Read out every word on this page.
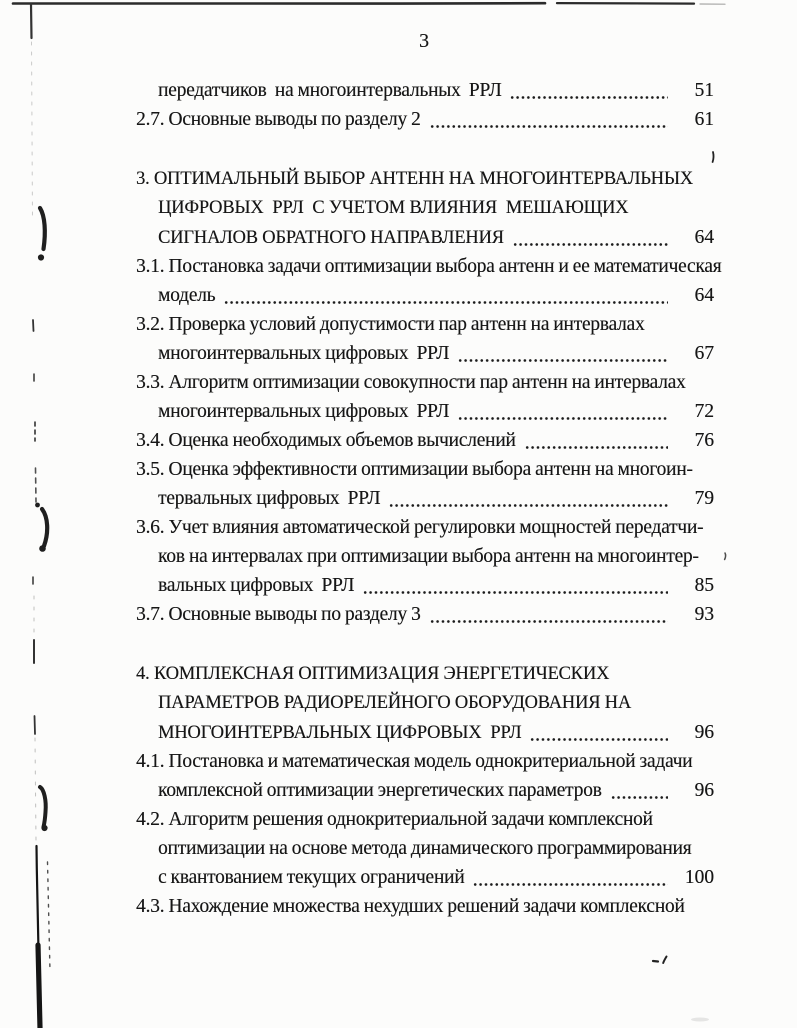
3
передатчиков  на многоинтервальных  РРЛ	51
2.7. Основные выводы по разделу 2	61
3. ОПТИМАЛЬНЫЙ ВЫБОР АНТЕНН НА МНОГОИНТЕРВАЛЬНЫХ
ЦИФРОВЫХ  РРЛ  С УЧЕТОМ ВЛИЯНИЯ  МЕШАЮЩИХ
СИГНАЛОВ ОБРАТНОГО НАПРАВЛЕНИЯ	64
3.1. Постановка задачи оптимизации выбора антенн и ее математическая
модель	64
3.2. Проверка условий допустимости пар антенн на интервалах
многоинтервальных цифровых  РРЛ	67
3.3. Алгоритм оптимизации совокупности пар антенн на интервалах
многоинтервальных цифровых  РРЛ	72
3.4. Оценка необходимых объемов вычислений	76
3.5. Оценка эффективности оптимизации выбора антенн на многоин-
тервальных цифровых  РРЛ	79
3.6. Учет влияния автоматической регулировки мощностей передатчи-
ков на интервалах при оптимизации выбора антенн на многоинтер-
вальных цифровых  РРЛ	85
3.7. Основные выводы по разделу 3	93
4. КОМПЛЕКСНАЯ ОПТИМИЗАЦИЯ ЭНЕРГЕТИЧЕСКИХ
ПАРАМЕТРОВ РАДИОРЕЛЕЙНОГО ОБОРУДОВАНИЯ НА
МНОГОИНТЕРВАЛЬНЫХ ЦИФРОВЫХ  РРЛ	96
4.1. Постановка и математическая модель однокритериальной задачи
комплексной оптимизации энергетических параметров	96
4.2. Алгоритм решения однокритериальной задачи комплексной
оптимизации на основе метода динамического программирования
с квантованием текущих ограничений	100
4.3. Нахождение множества нехудших решений задачи комплексной
